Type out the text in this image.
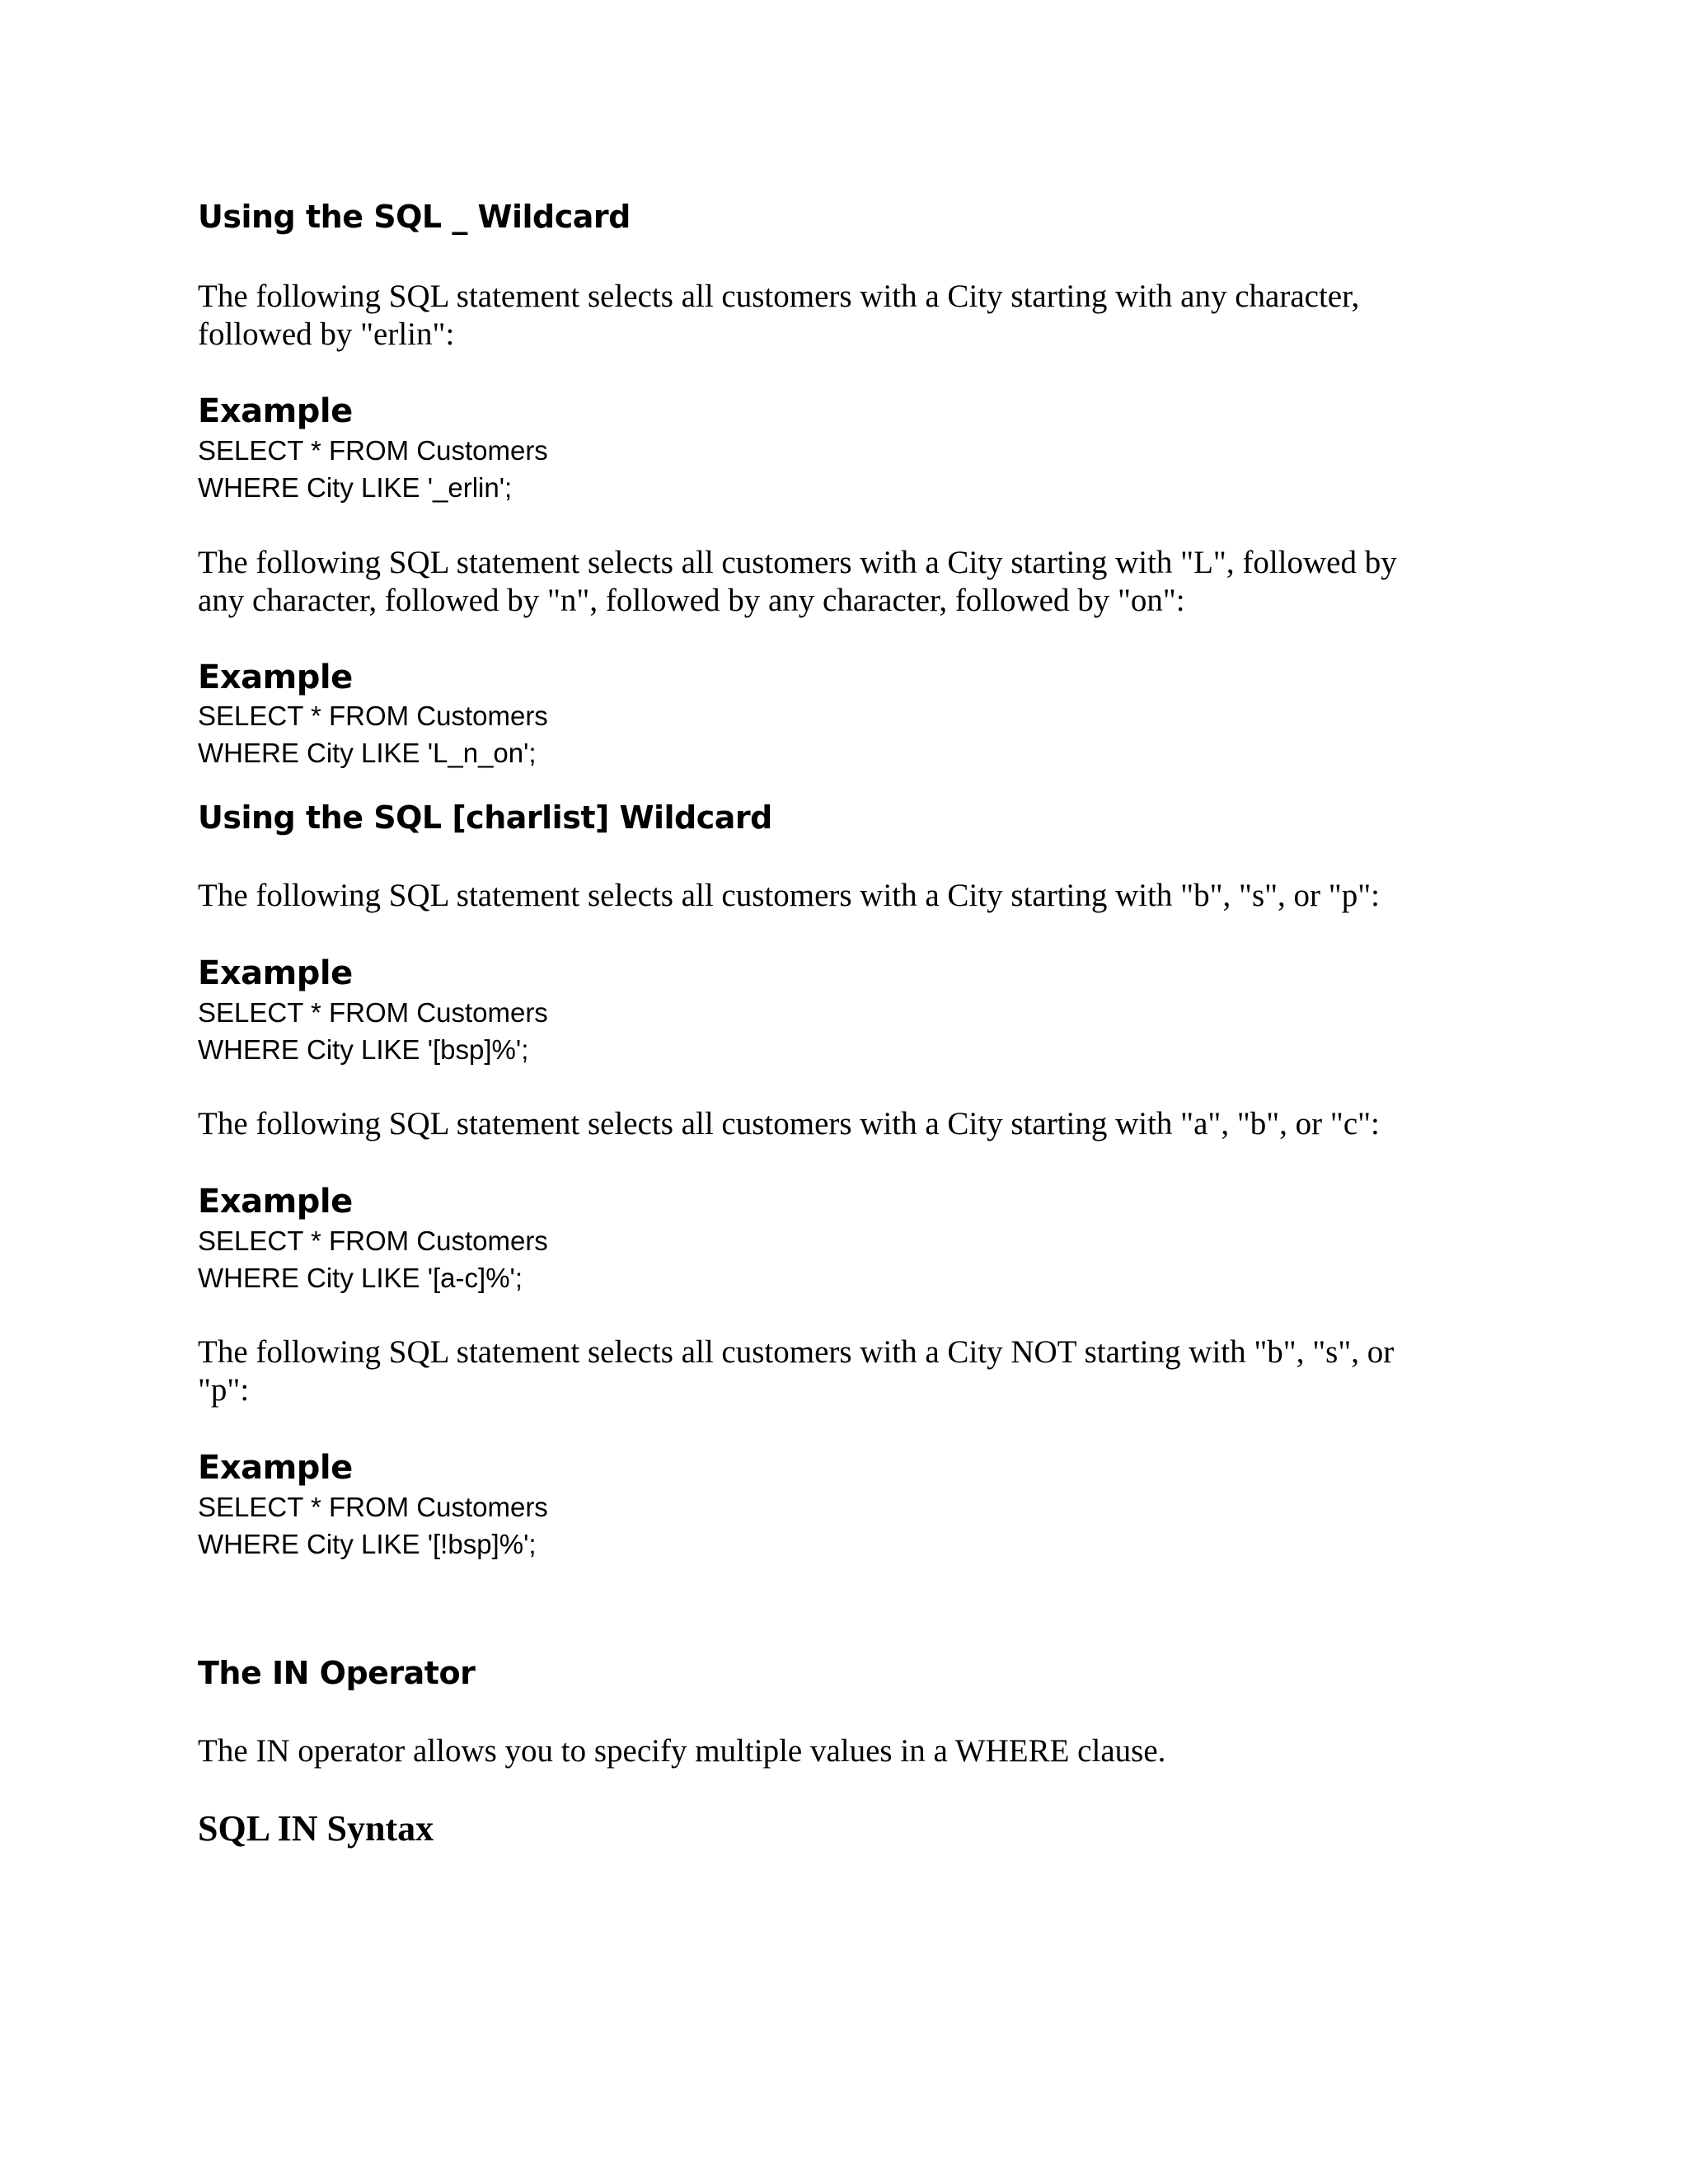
Using the SQL _ Wildcard

The following SQL statement selects all customers with a City starting with any character,
followed by "erlin":

Example
SELECT * FROM Customers
WHERE City LIKE '_erlin';

The following SQL statement selects all customers with a City starting with "L", followed by
any character, followed by "n", followed by any character, followed by "on":

Example
SELECT * FROM Customers
WHERE City LIKE 'L_n_on';
Using the SQL [charlist] Wildcard

The following SQL statement selects all customers with a City starting with "b", "s", or "p":

Example
SELECT * FROM Customers
WHERE City LIKE '[bsp]%';

The following SQL statement selects all customers with a City starting with "a", "b", or "c":

Example
SELECT * FROM Customers
WHERE City LIKE '[a-c]%';

The following SQL statement selects all customers with a City NOT starting with "b", "s", or
"p":

Example
SELECT * FROM Customers
WHERE City LIKE '[!bsp]%';
The IN Operator

The IN operator allows you to specify multiple values in a WHERE clause.

SQL IN Syntax
